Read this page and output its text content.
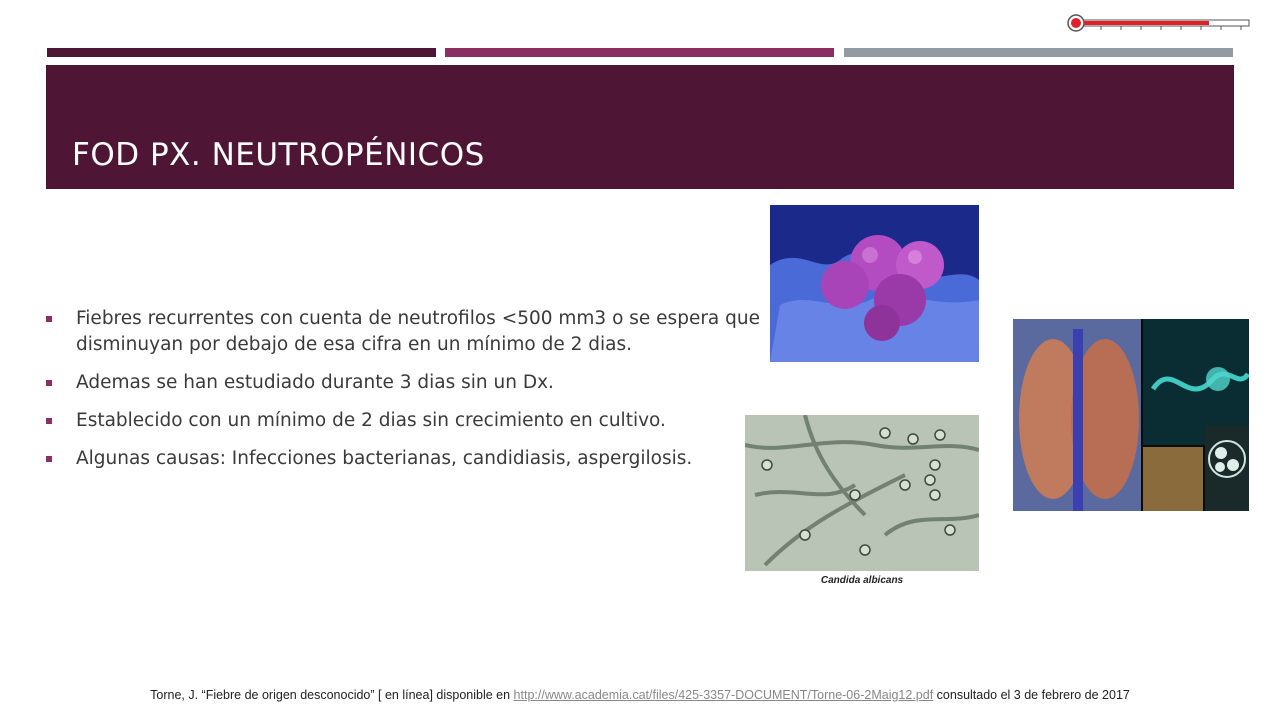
FOD PX. NEUTROPÉNICOS
Fiebres recurrentes con cuenta de neutrofilos <500 mm3 o se espera que disminuyan por debajo de esa cifra en un mínimo de 2 dias.
Ademas se han estudiado durante 3 dias sin un Dx.
Establecido con un mínimo de 2 dias sin crecimiento en cultivo.
Algunas causas: Infecciones bacterianas, candidiasis, aspergilosis.
Candida albicans
Torne, J. “Fiebre de origen desconocido” [ en línea] disponible en http://www.academia.cat/files/425-3357-DOCUMENT/Torne-06-2Maig12.pdf consultado el 3 de febrero de 2017
